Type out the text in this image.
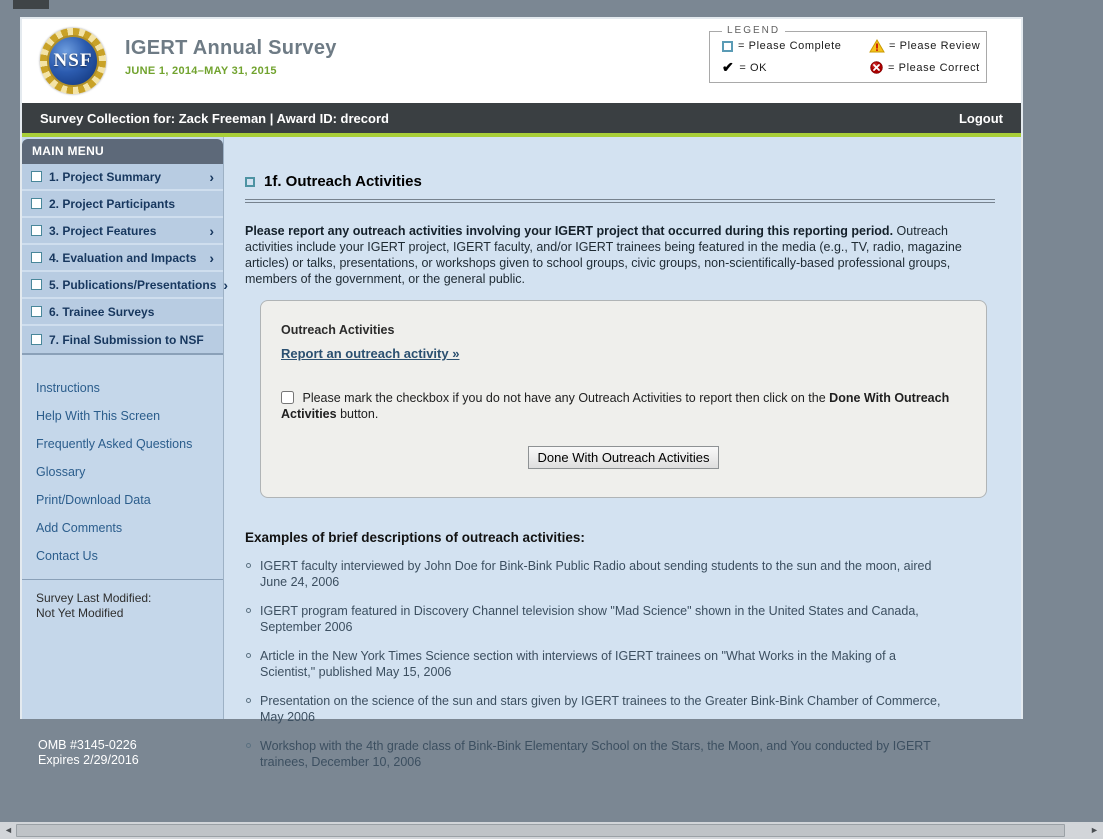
NSF
IGERT Annual Survey
JUNE 1, 2014–MAY 31, 2015
LEGEND
= Please Complete	= Please Review
✔ = OK	= Please Correct
Survey Collection for: Zack Freeman | Award ID: drecord	Logout
MAIN MENU
1. Project Summary	›
2. Project Participants
3. Project Features	›
4. Evaluation and Impacts ›
5. Publications/Presentations ›
6. Trainee Surveys
7. Final Submission to NSF
Instructions
Help With This Screen
Frequently Asked Questions
Glossary
Print/Download Data
Add Comments
Contact Us
Survey Last Modified:
Not Yet Modified
1f. Outreach Activities

Please report any outreach activities involving your IGERT project that occurred during this reporting period. Outreach activities include your IGERT project, IGERT faculty, and/or IGERT trainees being featured in the media (e.g., TV, radio, magazine articles) or talks, presentations, or workshops given to school groups, civic groups, non-scientifically-based professional groups, members of the government, or the general public.

Outreach Activities
Report an outreach activity »
Please mark the checkbox if you do not have any Outreach Activities to report then click on the Done With Outreach Activities button.
Done With Outreach Activities
Examples of brief descriptions of outreach activities:
IGERT faculty interviewed by John Doe for Bink-Bink Public Radio about sending students to the sun and the moon, aired June 24, 2006
IGERT program featured in Discovery Channel television show "Mad Science" shown in the United States and Canada, September 2006
Article in the New York Times Science section with interviews of IGERT trainees on "What Works in the Making of a Scientist," published May 15, 2006
Presentation on the science of the sun and stars given by IGERT trainees to the Greater Bink-Bink Chamber of Commerce, May 2006
Workshop with the 4th grade class of Bink-Bink Elementary School on the Stars, the Moon, and You conducted by IGERT trainees, December 10, 2006
OMB #3145-0226
Expires 2/29/2016
◄	►
